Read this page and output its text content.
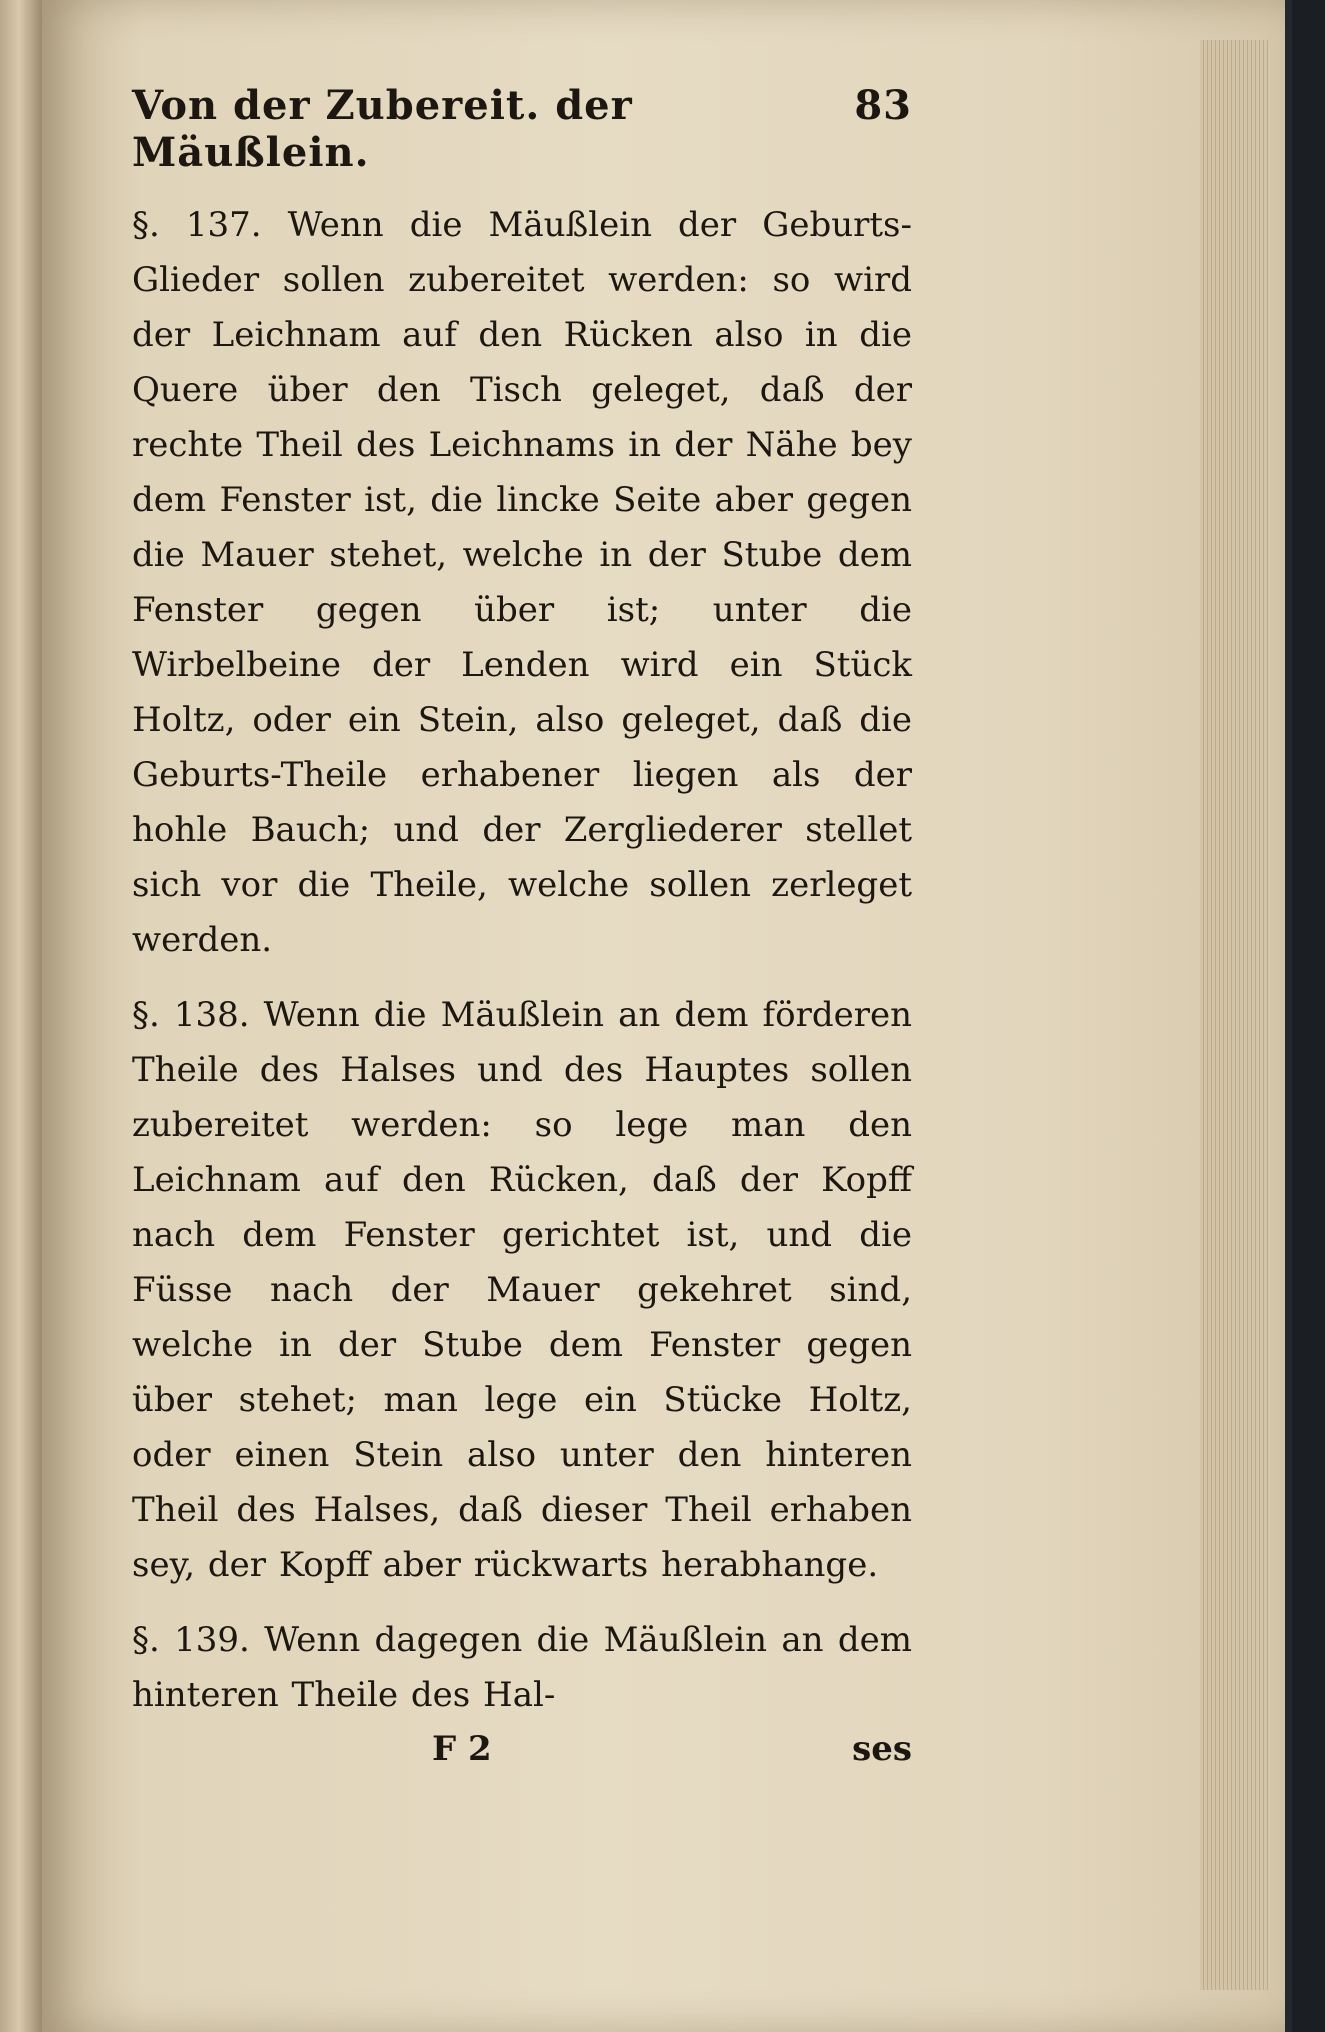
Von der Zubereit. der Mäußlein.
83

§. 137. Wenn die Mäußlein der Geburts-Glieder sollen zubereitet werden: so wird der Leichnam auf den Rücken also in die Quere über den Tisch geleget, daß der rechte Theil des Leichnams in der Nähe bey dem Fenster ist, die lincke Seite aber gegen die Mauer stehet, welche in der Stube dem Fenster gegen über ist; unter die Wirbelbeine der Lenden wird ein Stück Holtz, oder ein Stein, also geleget, daß die Geburts-Theile erhabener liegen als der hohle Bauch; und der Zergliederer stellet sich vor die Theile, welche sollen zerleget werden.

§. 138. Wenn die Mäußlein an dem förderen Theile des Halses und des Hauptes sollen zubereitet werden: so lege man den Leichnam auf den Rücken, daß der Kopff nach dem Fenster gerichtet ist, und die Füsse nach der Mauer gekehret sind, welche in der Stube dem Fenster gegen über stehet; man lege ein Stücke Holtz, oder einen Stein also unter den hinteren Theil des Halses, daß dieser Theil erhaben sey, der Kopff aber rückwarts herabhange.

§. 139. Wenn dagegen die Mäußlein an dem hinteren Theile des Hal-

F 2	ses
